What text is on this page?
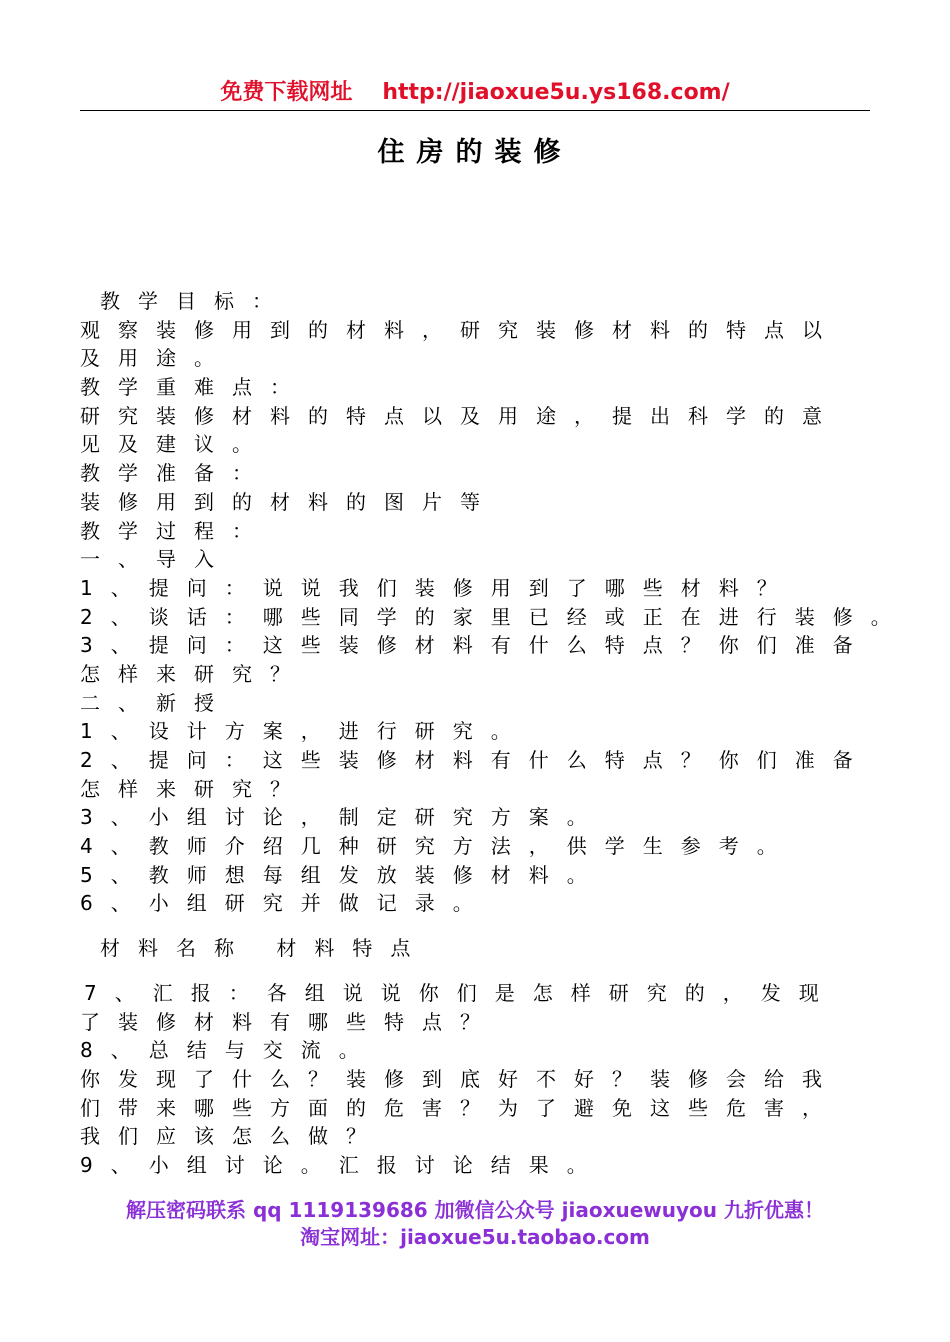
免费下载网址 http://jiaoxue5u.ys168.com/
住房的装修
教学目标：
观察装修用到的材料，研究装修材料的特点以
及用途。
教学重难点：
研究装修材料的特点以及用途，提出科学的意
见及建议。
教学准备：
装修用到的材料的图片等
教学过程：
一、导入
1、提问：说说我们装修用到了哪些材料？
2、谈话：哪些同学的家里已经或正在进行装修。
3、提问：这些装修材料有什么特点？你们准备
怎样来研究？
二、新授
1、设计方案，进行研究。
2、提问：这些装修材料有什么特点？你们准备
怎样来研究？
3、小组讨论，制定研究方案。
4、教师介绍几种研究方法，供学生参考。
5、教师想每组发放装修材料。
6、小组研究并做记录。
材料名称 材料特点
7、汇报：各组说说你们是怎样研究的，发现
了装修材料有哪些特点？
8、总结与交流。
你发现了什么？装修到底好不好？装修会给我
们带来哪些方面的危害？为了避免这些危害，
我们应该怎么做？
9、小组讨论。汇报讨论结果。
解压密码联系 qq 1119139686 加微信公众号 jiaoxuewuyou 九折优惠！
淘宝网址：jiaoxue5u.taobao.com
